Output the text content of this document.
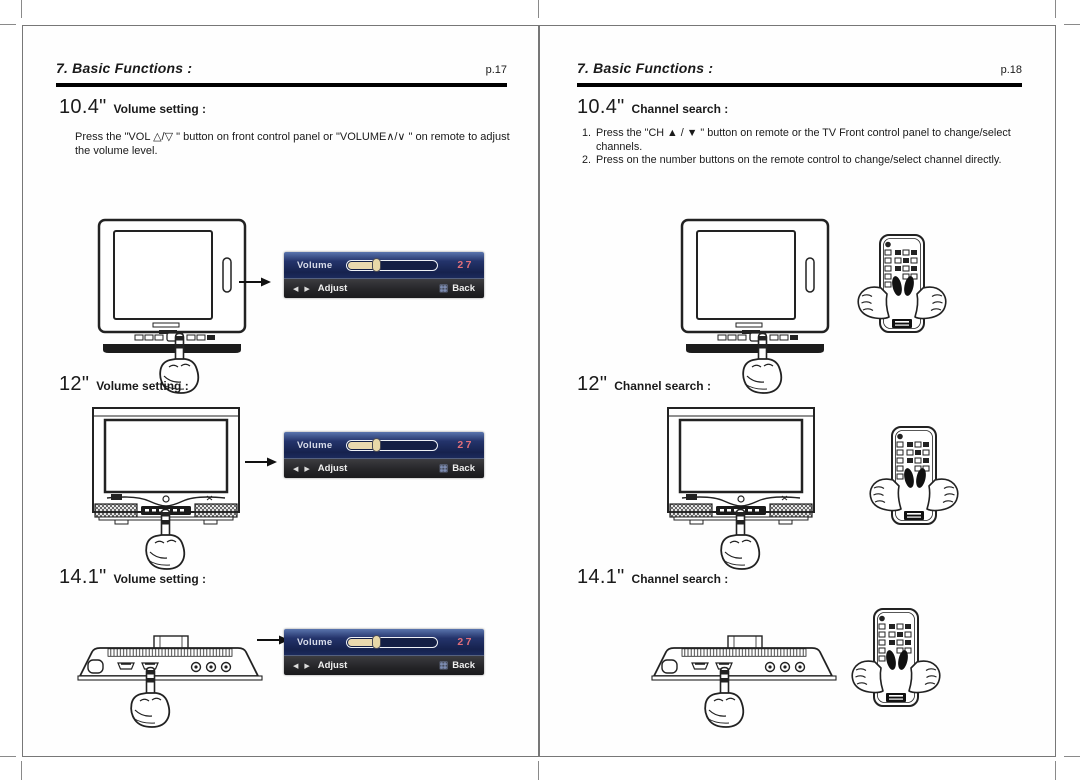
7. Basic Functions :	p.17
10.4" Volume setting :
Press the "VOL △/▽ " button on front control panel or "VOLUME∧/∨ " on remote to adjust the volume level.
Volume	27
◀ ▶ Adjust	▦ Back
12" Volume setting :
Volume	27
◀ ▶ Adjust	▦ Back
14.1" Volume setting :
Volume	27
◀ ▶ Adjust	▦ Back
7. Basic Functions :	p.18
10.4" Channel search :
1. Press the "CH ▲ / ▼ " button on remote or the TV Front control panel to change/select channels.
2. Press on the number buttons on the remote control to change/select channel directly.
12" Channel search :
14.1" Channel search :
